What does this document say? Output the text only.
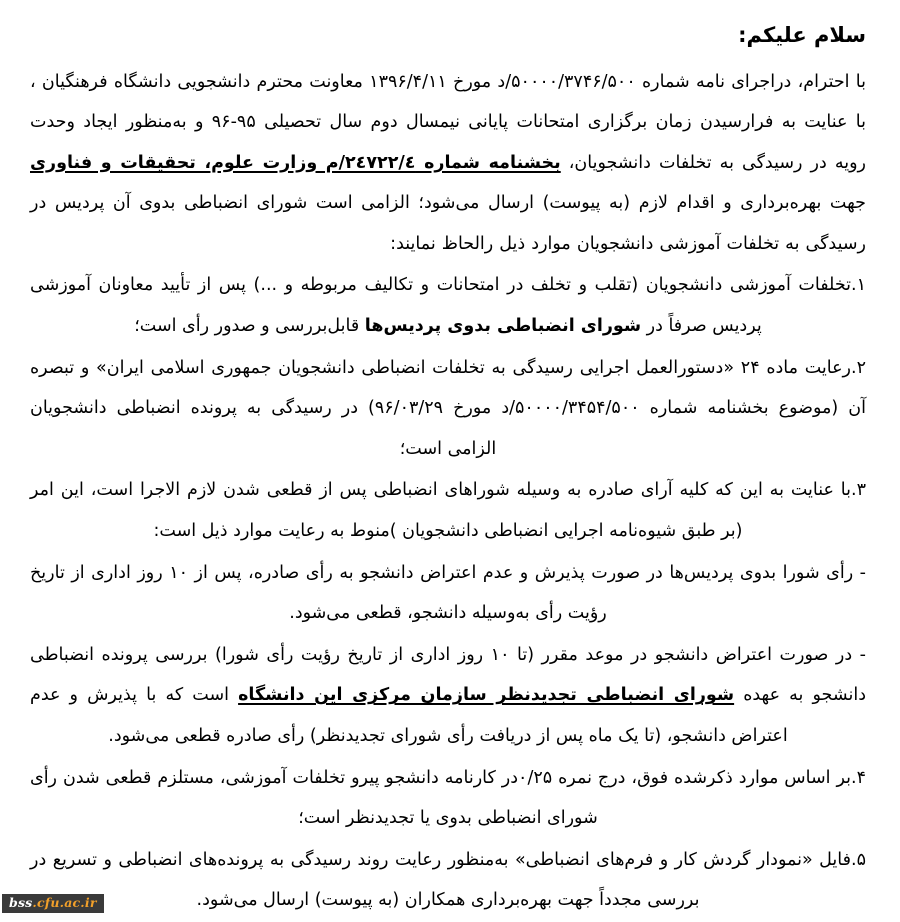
سلام علیکم:

با احترام، دراجرای نامه شماره ۵۰۰۰۰/۳۷۴۶/۵۰۰/د مورخ ۱۳۹۶/۴/۱۱ معاونت محترم دانشجویی دانشگاه فرهنگیان ، با عنایت به فرارسیدن زمان برگزاری امتحانات پایانی نیمسال دوم سال تحصیلی ۹۵-۹۶ و به‌منظور ایجاد وحدت رویه در رسیدگی به تخلفات دانشجویان، بخشنامه شماره ٢٤٧٢٢/٤/م وزارت علوم، تحقیقات و فناوری جهت بهره‌برداری و اقدام لازم (به پیوست) ارسال می‌شود؛ الزامی است شورای انضباطی بدوی آن پردیس در رسیدگی به تخلفات آموزشی دانشجویان موارد ذیل رالحاظ نمایند:

۱.تخلفات آموزشی دانشجویان (تقلب و تخلف در امتحانات و تکالیف مربوطه و ...) پس از تأیید معاونان آموزشی پردیس صرفاً در شورای انضباطی بدوی پردیس‌ها قابل‌بررسی و صدور رأی است؛

۲.رعایت ماده ۲۴ «دستورالعمل اجرایی رسیدگی به تخلفات انضباطی دانشجویان جمهوری اسلامی ایران» و تبصره آن (موضوع بخشنامه شماره ۵۰۰۰۰/۳۴۵۴/۵۰۰/د مورخ ۹۶/۰۳/۲۹) در رسیدگی به پرونده انضباطی دانشجویان الزامی است؛

۳.با عنایت به این که کلیه آرای صادره به وسیله شوراهای انضباطی پس از قطعی شدن لازم الاجرا است، این امر (بر طبق شیوه‌نامه اجرایی انضباطی دانشجویان )منوط به رعایت موارد ذیل است:

- رأی شورا بدوی پردیس‌ها در صورت پذیرش و عدم اعتراض دانشجو به رأی صادره، پس از ۱۰ روز اداری از تاریخ رؤیت رأی به‌وسیله دانشجو، قطعی می‌شود.

- در صورت اعتراض دانشجو در موعد مقرر (تا ۱۰ روز اداری از تاریخ رؤیت رأی شورا) بررسی پرونده انضباطی دانشجو به عهده شورای انضباطی تجدیدنظر سازمان مرکزی این دانشگاه است که با پذیرش و عدم اعتراض دانشجو، (تا یک ماه پس از دریافت رأی شورای تجدیدنظر) رأی صادره قطعی می‌شود.

۴.بر اساس موارد ذکرشده فوق، درج نمره ۰/۲۵در کارنامه دانشجو پیرو تخلفات آموزشی، مستلزم قطعی شدن رأی شورای انضباطی بدوی یا تجدیدنظر است؛

۵.فایل «نمودار گردش کار و فرم‌های انضباطی» به‌منظور رعایت روند رسیدگی به پرونده‌های انضباطی و تسریع در بررسی مجدداً جهت بهره‌برداری همکاران (به پیوست) ارسال می‌شود.

bss.cfu.ac.ir
